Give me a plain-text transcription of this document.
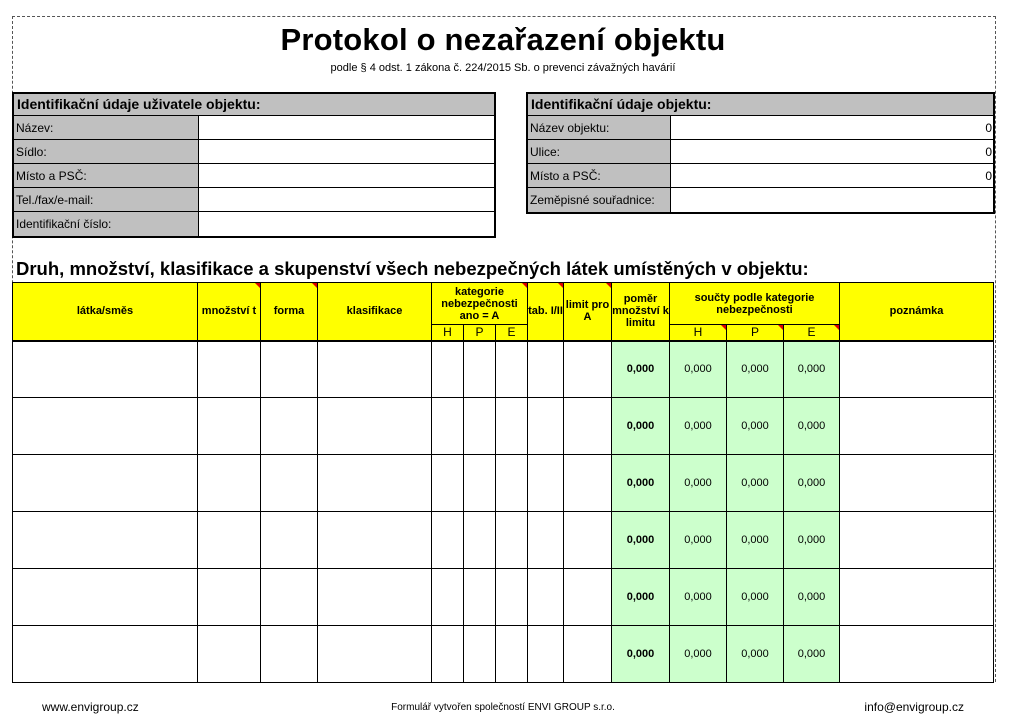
Protokol o nezařazení objektu
podle § 4 odst. 1 zákona č. 224/2015 Sb. o prevenci závažných havárií
Identifikační údaje uživatele objektu:
Název:
Sídlo:
Místo a PSČ:
Tel./fax/e-mail:
Identifikační číslo:
Identifikační údaje objektu:
Název objektu:	0
Ulice:	0
Místo a PSČ:	0
Zeměpisné souřadnice:
Druh, množství, klasifikace a skupenství všech nebezpečných látek umístěných v objektu:
látka/směs	množství t	forma	klasifikace	kategorie nebezpečnosti ano = A			tab. I/II	limit pro A	poměr množství k limitu	součty podle kategorie nebezpečnosti			poznámka
				H	P	E				H	P	E	
									0,000	0,000	0,000	0,000	
									0,000	0,000	0,000	0,000	
									0,000	0,000	0,000	0,000	
									0,000	0,000	0,000	0,000	
									0,000	0,000	0,000	0,000	
									0,000	0,000	0,000	0,000	
www.envigroup.cz	Formulář vytvořen společností ENVI GROUP s.r.o.	info@envigroup.cz
